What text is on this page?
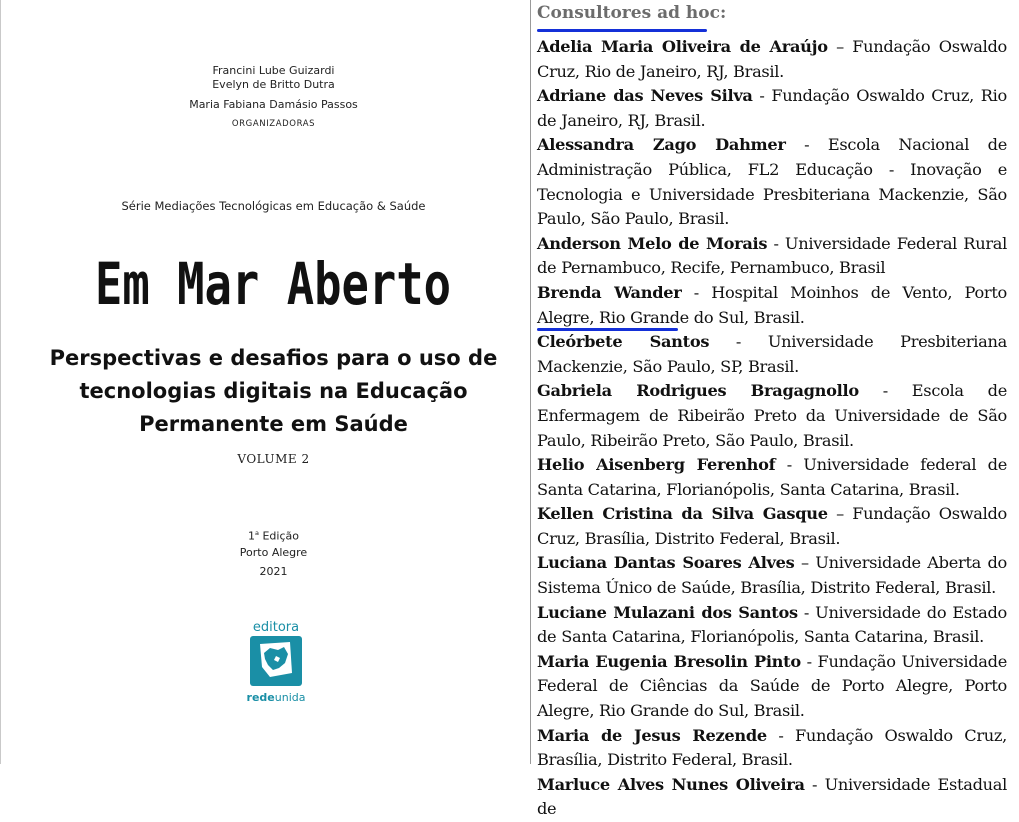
Francini Lube Guizardi
Evelyn de Britto Dutra
Maria Fabiana Damásio Passos
ORGANIZADORAS
Série Mediações Tecnológicas em Educação & Saúde
Em Mar Aberto
Perspectivas e desafios para o uso de tecnologias digitais na Educação Permanente em Saúde
VOLUME 2
1$^a$ Edição
Porto Alegre
2021
editora
redeunida
Consultores ad hoc:

Adelia Maria Oliveira de Araújo – Fundação Oswaldo Cruz, Rio de Janeiro, RJ, Brasil.

Adriane das Neves Silva - Fundação Oswaldo Cruz, Rio de Janeiro, RJ, Brasil.

Alessandra Zago Dahmer - Escola Nacional de Administração Pública, FL2 Educação - Inovação e Tecnologia e Universidade Presbiteriana Mackenzie, São Paulo, São Paulo, Brasil.

Anderson Melo de Morais - Universidade Federal Rural de Pernambuco, Recife, Pernambuco, Brasil

Brenda Wander - Hospital Moinhos de Vento, Porto Alegre, Rio Grande do Sul, Brasil.

Cleórbete Santos - Universidade Presbiteriana Mackenzie, São Paulo, SP, Brasil.

Gabriela Rodrigues Bragagnollo - Escola de Enfermagem de Ribeirão Preto da Universidade de São Paulo, Ribeirão Preto, São Paulo, Brasil.

Helio Aisenberg Ferenhof - Universidade federal de Santa Catarina, Florianópolis, Santa Catarina, Brasil.

Kellen Cristina da Silva Gasque – Fundação Oswaldo Cruz, Brasília, Distrito Federal, Brasil.

Luciana Dantas Soares Alves – Universidade Aberta do Sistema Único de Saúde, Brasília, Distrito Federal, Brasil.

Luciane Mulazani dos Santos - Universidade do Estado de Santa Catarina, Florianópolis, Santa Catarina, Brasil.

Maria Eugenia Bresolin Pinto - Fundação Universidade Federal de Ciências da Saúde de Porto Alegre, Porto Alegre, Rio Grande do Sul, Brasil.

Maria de Jesus Rezende - Fundação Oswaldo Cruz, Brasília, Distrito Federal, Brasil.

Marluce Alves Nunes Oliveira - Universidade Estadual de
